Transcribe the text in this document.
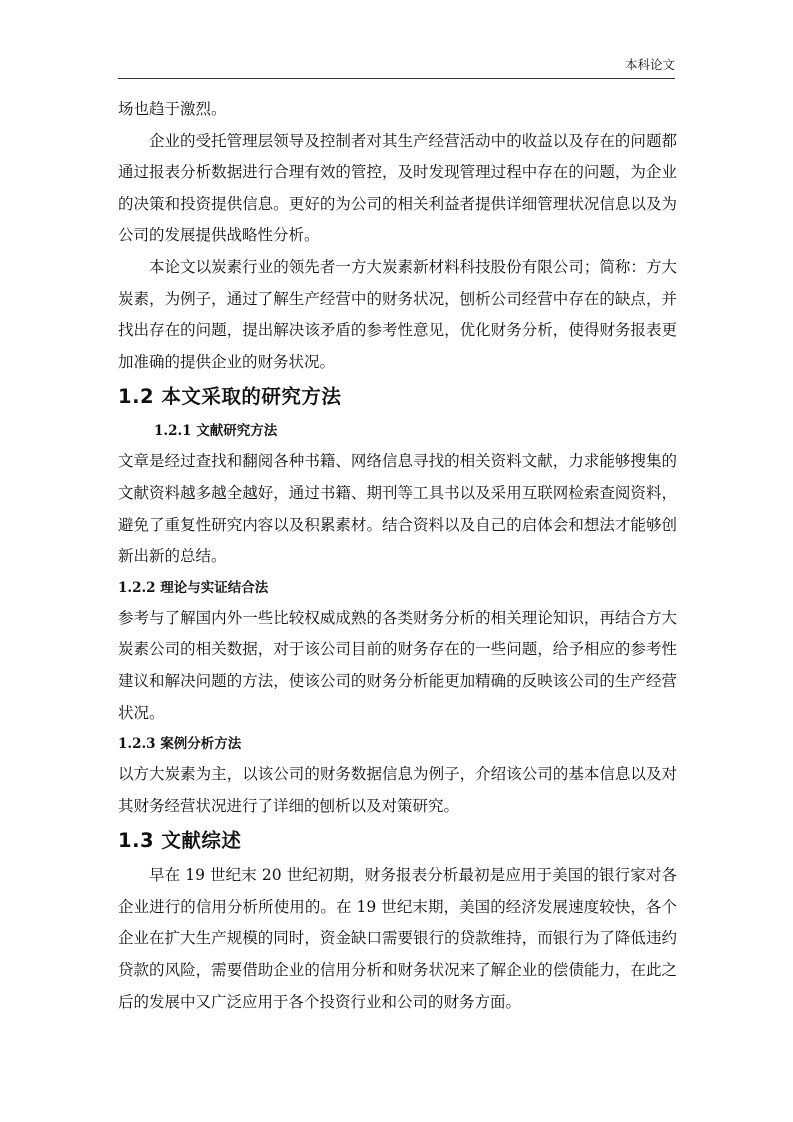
本科论文

场也趋于激烈。

企业的受托管理层领导及控制者对其生产经营活动中的收益以及存在的问题都通过报表分析数据进行合理有效的管控，及时发现管理过程中存在的问题，为企业的决策和投资提供信息。更好的为公司的相关利益者提供详细管理状况信息以及为公司的发展提供战略性分析。

本论文以炭素行业的领先者一方大炭素新材料科技股份有限公司；简称：方大炭素，为例子，通过了解生产经营中的财务状况，刨析公司经营中存在的缺点，并找出存在的问题，提出解决该矛盾的参考性意见，优化财务分析，使得财务报表更加准确的提供企业的财务状况。

1.2 本文采取的研究方法
1.2.1 文献研究方法

文章是经过查找和翻阅各种书籍、网络信息寻找的相关资料文献，力求能够搜集的文献资料越多越全越好，通过书籍、期刊等工具书以及采用互联网检索查阅资料，避免了重复性研究内容以及积累素材。结合资料以及自己的启体会和想法才能够创新出新的总结。

1.2.2 理论与实证结合法

参考与了解国内外一些比较权威成熟的各类财务分析的相关理论知识，再结合方大炭素公司的相关数据，对于该公司目前的财务存在的一些问题，给予相应的参考性建议和解决问题的方法，使该公司的财务分析能更加精确的反映该公司的生产经营状况。

1.2.3 案例分析方法

以方大炭素为主，以该公司的财务数据信息为例子，介绍该公司的基本信息以及对其财务经营状况进行了详细的刨析以及对策研究。

1.3 文献综述

早在 19 世纪末 20 世纪初期，财务报表分析最初是应用于美国的银行家对各企业进行的信用分析所使用的。在 19 世纪末期，美国的经济发展速度较快，各个企业在扩大生产规模的同时，资金缺口需要银行的贷款维持，而银行为了降低违约贷款的风险，需要借助企业的信用分析和财务状况来了解企业的偿债能力，在此之后的发展中又广泛应用于各个投资行业和公司的财务方面。
